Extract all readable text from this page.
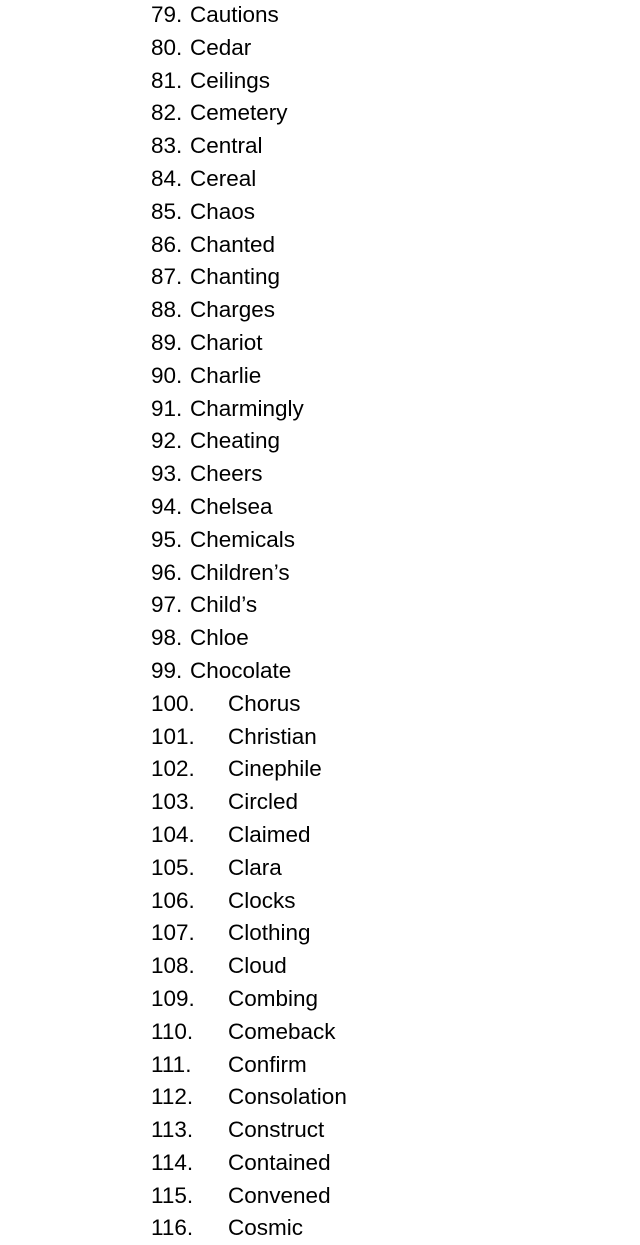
79. Cautions
80. Cedar
81. Ceilings
82. Cemetery
83. Central
84. Cereal
85. Chaos
86. Chanted
87. Chanting
88. Charges
89. Chariot
90. Charlie
91. Charmingly
92. Cheating
93. Cheers
94. Chelsea
95. Chemicals
96. Children’s
97. Child’s
98. Chloe
99. Chocolate
100. Chorus
101. Christian
102. Cinephile
103. Circled
104. Claimed
105. Clara
106. Clocks
107. Clothing
108. Cloud
109. Combing
110. Comeback
111. Confirm
112. Consolation
113. Construct
114. Contained
115. Convened
116. Cosmic
